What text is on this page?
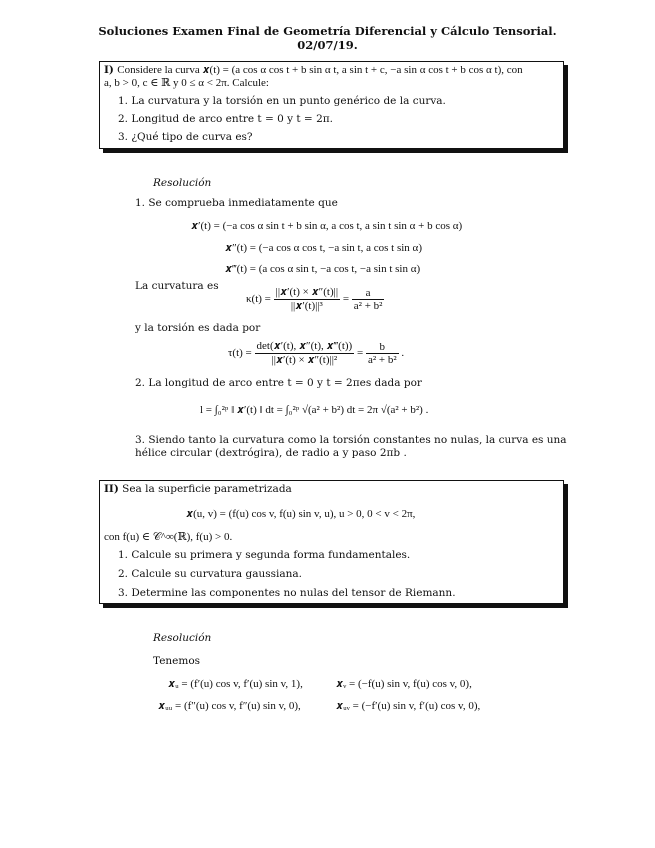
Soluciones Examen Final de Geometría Diferencial y Cálculo Tensorial.
02/07/19.
I) Considere la curva 𝒙(t) = (a cos α cos t + b sin α t, a sin t + c, −a sin α cos t + b cos α t), con
a, b > 0, c ∈ ℝ y 0 ≤ α < 2π. Calcule:
1. La curvatura y la torsión en un punto genérico de la curva.
2. Longitud de arco entre t = 0 y t = 2π.
3. ¿Qué tipo de curva es?
Resolución
1. Se comprueba inmediatamente que
𝒙′(t) = (−a cos α sin t + b sin α, a cos t, a sin t sin α + b cos α)
𝒙″(t) = (−a cos α cos t, −a sin t, a cos t sin α)
𝒙‴(t) = (a cos α sin t, −a cos t, −a sin t sin α)
La curvatura es
$\kappa(t) = \frac{\text{||𝒙′(t) × 𝒙″(t)||}}{\text{||𝒙′(t)||³}} = \frac{a}{\text{a² + b²}}$
y la torsión es dada por
$\tau(t) = \frac{\text{det(𝒙′(t), 𝒙″(t), 𝒙‴(t))}}{\text{||𝒙′(t) × 𝒙″(t)||²}} = \frac{b}{\text{a² + b²}}$ .
2. La longitud de arco entre t = 0 y t = 2πes dada por
l = ∫₀²ᵖ ‖ 𝒙′(t) ‖ dt = ∫₀²ᵖ √(a² + b²) dt = 2π √(a² + b²) .
3. Siendo tanto la curvatura como la torsión constantes no nulas, la curva es una
hélice circular (dextrógira), de radio a y paso 2πb .
II) Sea la superficie parametrizada
𝒙(u, v) = (f(u) cos v, f(u) sin v, u), u > 0, 0 < v < 2π,
con f(u) ∈ 𝒞^∞(ℝ), f(u) > 0.
1. Calcule su primera y segunda forma fundamentales.
2. Calcule su curvatura gaussiana.
3. Determine las componentes no nulas del tensor de Riemann.
Resolución
Tenemos
𝒙ᵤ = (f′(u) cos v, f′(u) sin v, 1),	𝒙ᵥ = (−f(u) sin v, f(u) cos v, 0),
𝒙ᵤᵤ = (f″(u) cos v, f″(u) sin v, 0),	𝒙ᵤᵥ = (−f′(u) sin v, f′(u) cos v, 0),
